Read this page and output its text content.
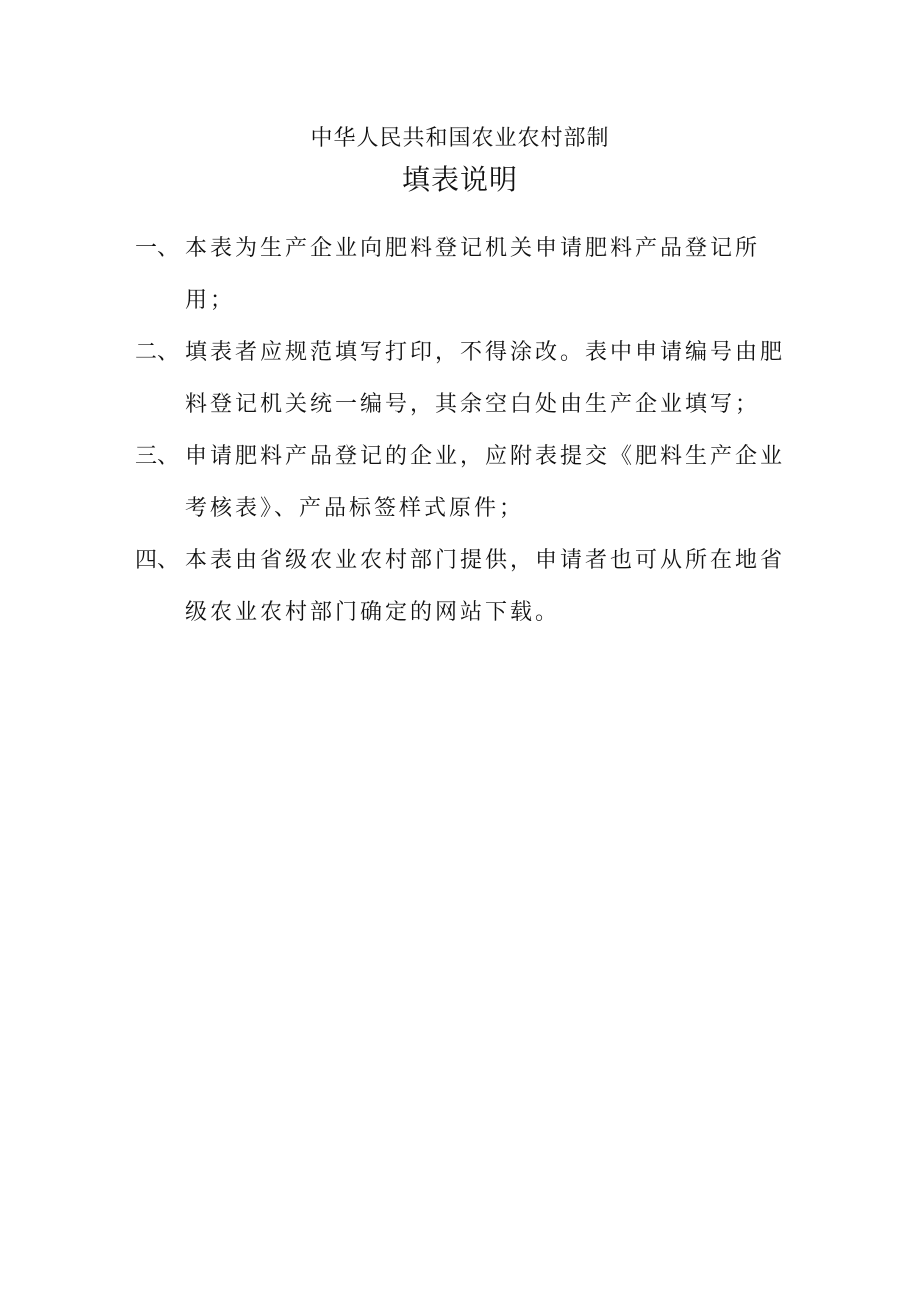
中华人民共和国农业农村部制
填表说明
一、 本表为生产企业向肥料登记机关申请肥料产品登记所用；
二、 填表者应规范填写打印，不得涂改。表中申请编号由肥料登记机关统一编号，其余空白处由生产企业填写；
三、 申请肥料产品登记的企业，应附表提交《肥料生产企业考核表》、产品标签样式原件；
四、 本表由省级农业农村部门提供，申请者也可从所在地省级农业农村部门确定的网站下载。
